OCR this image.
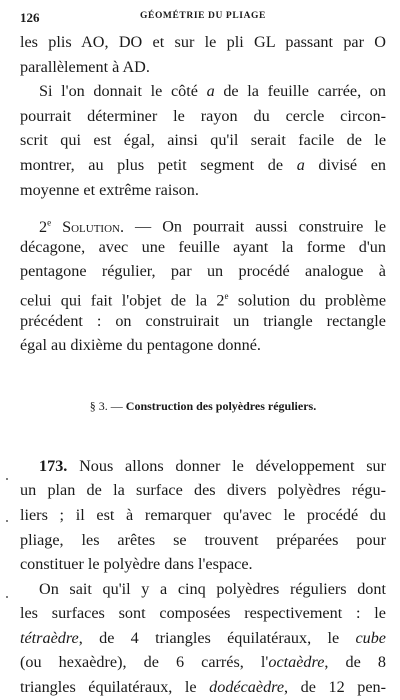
126	GÉOMÉTRIE DU PLIAGE
les plis AO, DO et sur le pli GL passant par O
parallèlement à AD.
Si l'on donnait le côté a de la feuille carrée, on
pourrait déterminer le rayon du cercle circon-
scrit qui est égal, ainsi qu'il serait facile de le
montrer, au plus petit segment de a divisé en
moyenne et extrême raison.
2e Solution. — On pourrait aussi construire le
décagone, avec une feuille ayant la forme d'un
pentagone régulier, par un procédé analogue à
celui qui fait l'objet de la 2e solution du problème
précédent : on construirait un triangle rectangle
égal au dixième du pentagone donné.
§ 3. — Construction des polyèdres réguliers.
173. Nous allons donner le développement sur
un plan de la surface des divers polyèdres régu-
liers ; il est à remarquer qu'avec le procédé du
pliage, les arêtes se trouvent préparées pour
constituer le polyèdre dans l'espace.
On sait qu'il y a cinq polyèdres réguliers dont
les surfaces sont composées respectivement : le
tétraèdre, de 4 triangles équilatéraux, le cube
(ou hexaèdre), de 6 carrés, l'octaèdre, de 8
triangles équilatéraux, le dodécaèdre, de 12 pen-
